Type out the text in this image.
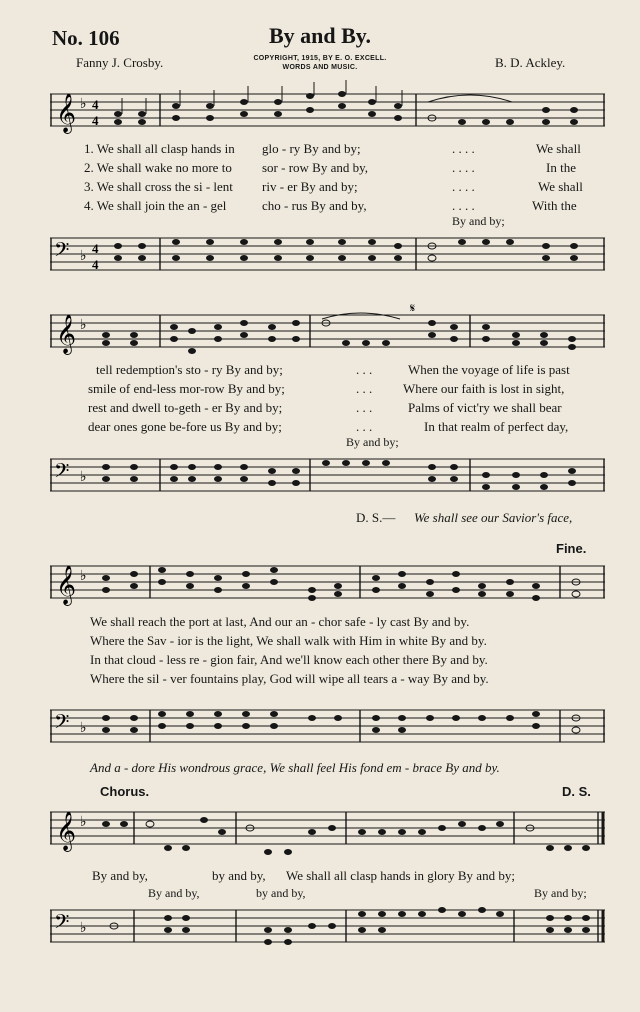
No. 106	By and By.
Fanny J. Crosby.	COPYRIGHT, 1915, BY E. O. EXCELL.
WORDS AND MUSIC.	B. D. Ackley.
𝄞 ♭ 4
4
1. We shall all clasp hands in glo - ry By and by;	. . . .	We shall
2. We shall wake no more to sor - row By and by,	. . . .	In the
3. We shall cross the si - lent riv - er By and by;	. . . .	We shall
4. We shall join the an - gel	cho - rus By and by,	. . . .	With the
By and by;
𝄢 ♭ 4
4
𝄞 ♭
𝄋
tell redemption's sto - ry By and by;	. . .	When the voyage of life is past
smile of end-less mor-row By and by;	. . . Where our faith is lost in sight,
rest and dwell to-geth - er By and by;	. . .	Palms of vict'ry we shall bear
dear ones gone be-fore us By and by;	. . .	In that realm of perfect day,
By and by;
𝄢 ♭
D. S.— We shall see our Savior's face,
Fine.
𝄞 ♭
We shall reach the port at last, And our an - chor safe - ly cast By and by.
Where the Sav - ior is the light, We shall walk with Him in white By and by.
In that cloud - less re - gion fair, And we'll know each other there By and by.
Where the sil - ver fountains play, God will wipe all tears a - way By and by.
𝄢 ♭
And a - dore His wondrous grace, We shall feel His fond em - brace By and by.
Chorus.	D. S.
𝄞 ♭
By and by,	by and by, We shall all clasp hands in glory By and by;
By and by,	by and by,	By and by;
𝄢 ♭
